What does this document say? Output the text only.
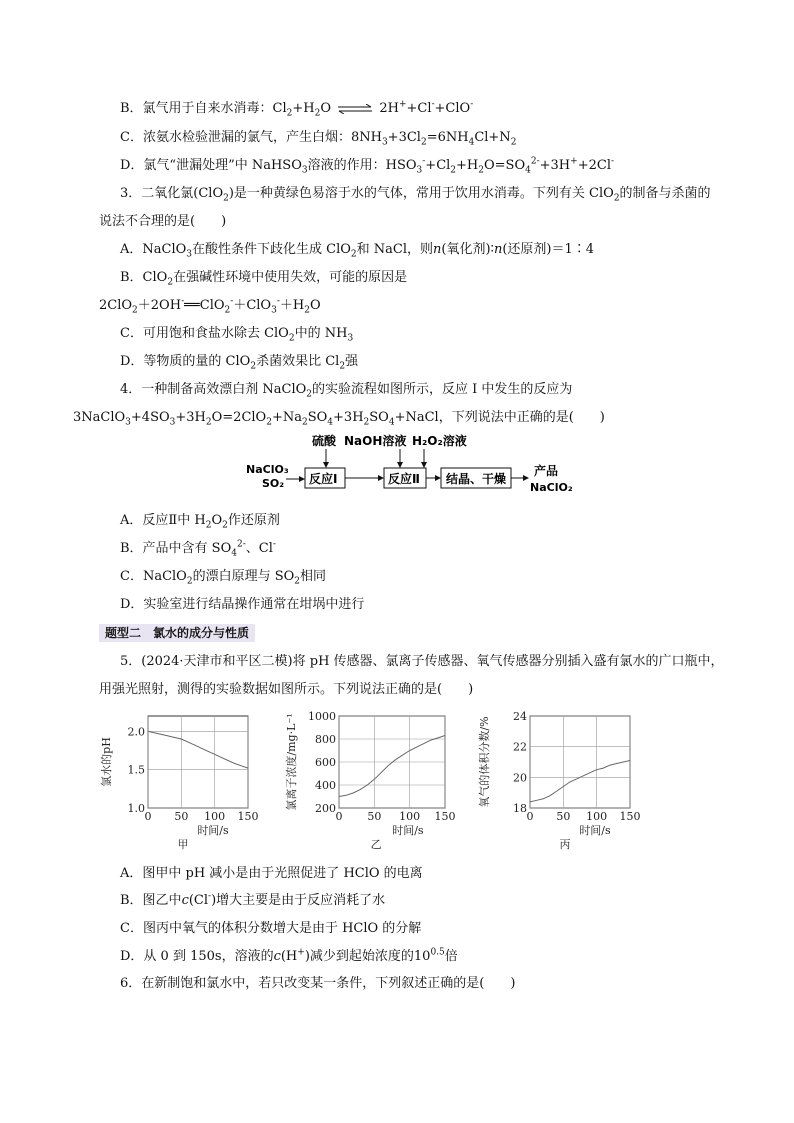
B．氯气用于自来水消毒：$Cl_2+H_2O$ ⇌ 2H++Cl-+ClO-
C．浓氨水检验泄漏的氯气，产生白烟：$8NH_3+3Cl_2=6NH_4Cl+N_2$
D．氯气“泄漏处理”中 NaHSO$_3$溶液的作用：$HSO_3^-+Cl_2+H_2O=SO_4^{2-}+3H^++2Cl^-$
3．二氧化氯(ClO$_2$)是一种黄绿色易溶于水的气体，常用于饮用水消毒。下列有关 ClO$_2$的制备与杀菌的
说法不合理的是(　　)
A．NaClO$_3$在酸性条件下歧化生成 ClO$_2$和 NaCl，则n(氧化剂)∶n(还原剂)＝1∶4
B．ClO$_2$在强碱性环境中使用失效，可能的原因是
$2ClO_2+2OH^-══ClO_2^-+ClO_3^-+H_2O$
C．可用饱和食盐水除去 ClO$_2$中的 $NH_3$
D．等物质的量的 ClO$_2$杀菌效果比 $Cl_2$强
4．一种制备高效漂白剂 NaClO$_2$的实验流程如图所示，反应 I 中发生的反应为
$3NaClO_3+4SO_3+3H_2O=2ClO_2+Na_2SO_4+3H_2SO_4+NaCl$，下列说法中正确的是(　　)
硫酸 NaOH溶液 H₂O₂溶液
NaClO₃
SO₂ 反应Ⅰ	反应Ⅱ 结晶、干燥
产品
NaClO₂
A．反应Ⅱ中 $H_2O_2$作还原剂
B．产品中含有 $SO_4^{2-}$、Cl-
C．NaClO$_2$的漂白原理与 $SO_2$相同
D．实验室进行结晶操作通常在坩埚中进行
题型二　氯水的成分与性质
5．(2024·天津市和平区二模)将 pH 传感器、氯离子传感器、氧气传感器分别插入盛有氯水的广口瓶中，
用强光照射，测得的实验数据如图所示。下列说法正确的是(　　)
0 50 100 150
1.0
1.5
2.0
时间/s
甲
氯水的pH
0 50 100 150
200
400
600
800
1000
时间/s
乙
氯离子浓度/mg·L⁻¹
0 50 100 150
18
20
22
24
时间/s
丙
氧气的体积分数/%
A．图甲中 pH 减小是由于光照促进了 HClO 的电离
B．图乙中c(Cl-)增大主要是由于反应消耗了水
C．图丙中氧气的体积分数增大是由于 HClO 的分解
D．从 0 到 150s，溶液的c(H+)减少到起始浓度的$10^{0.5}$倍
6．在新制饱和氯水中，若只改变某一条件，下列叙述正确的是(　　)
